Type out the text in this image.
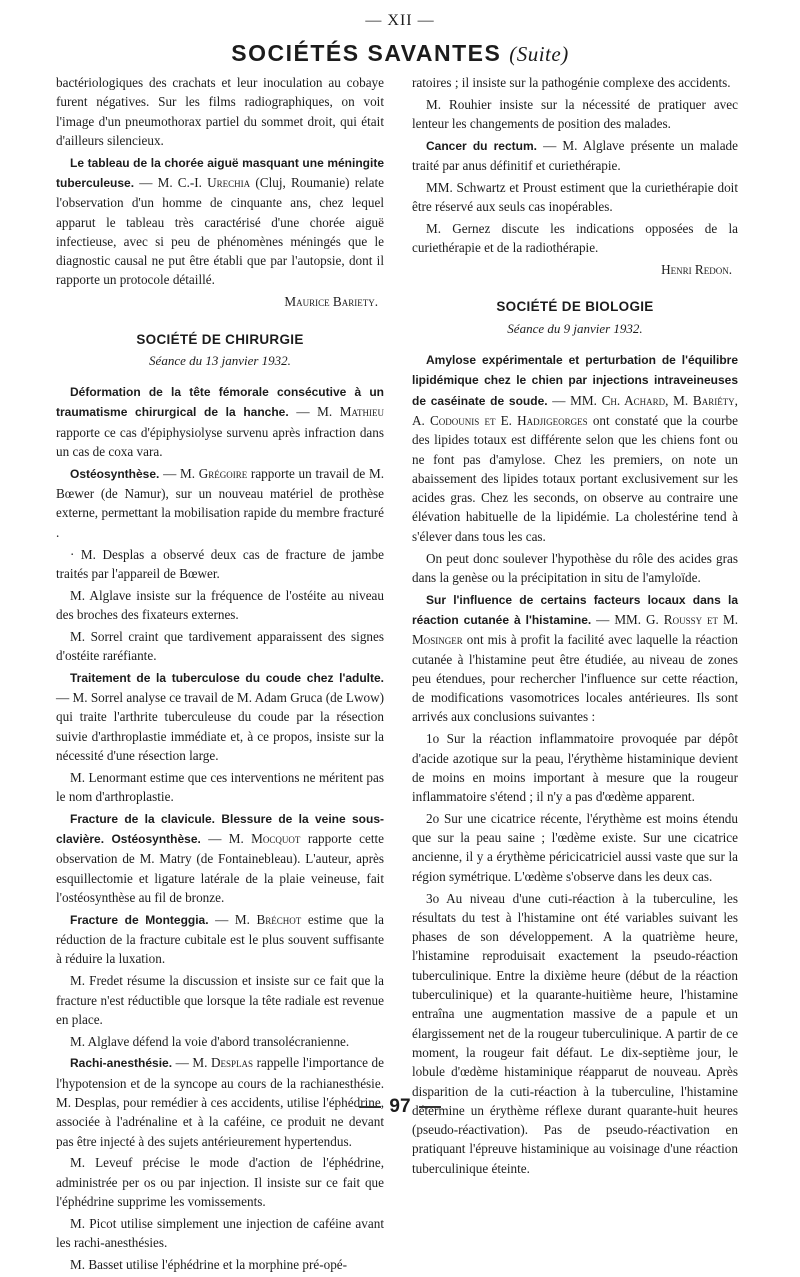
— XII —
SOCIÉTÉS SAVANTES (Suite)

bactériologiques des crachats et leur inoculation au cobaye furent négatives. Sur les films radiographiques, on voit l'image d'un pneumothorax partiel du sommet droit, qui était d'ailleurs silencieux.

Le tableau de la chorée aiguë masquant une méningite tuberculeuse. — M. C.-I. Urechia (Cluj, Roumanie) relate l'observation d'un homme de cinquante ans, chez lequel apparut le tableau très caractérisé d'une chorée aiguë infectieuse, avec si peu de phénomènes méningés que le diagnostic causal ne put être établi que par l'autopsie, dont il rapporte un protocole détaillé.

Maurice Bariety.
SOCIÉTÉ DE CHIRURGIE
Séance du 13 janvier 1932.

Déformation de la tête fémorale consécutive à un traumatisme chirurgical de la hanche. — M. Mathieu rapporte ce cas d'épiphysiolyse survenu après infraction dans un cas de coxa vara.

Ostéosynthèse. — M. Grégoire rapporte un travail de M. Bœwer (de Namur), sur un nouveau matériel de prothèse externe, permettant la mobilisation rapide du membre fracturé .

· M. Desplas a observé deux cas de fracture de jambe traités par l'appareil de Bœwer.

M. Alglave insiste sur la fréquence de l'ostéite au niveau des broches des fixateurs externes.

M. Sorrel craint que tardivement apparaissent des signes d'ostéite raréfiante.

Traitement de la tuberculose du coude chez l'adulte. — M. Sorrel analyse ce travail de M. Adam Gruca (de Lwow) qui traite l'arthrite tuberculeuse du coude par la résection suivie d'arthroplastie immédiate et, à ce propos, insiste sur la nécessité d'une résection large.

M. Lenormant estime que ces interventions ne méritent pas le nom d'arthroplastie.

Fracture de la clavicule. Blessure de la veine sous-clavière. Ostéosynthèse. — M. Mocquot rapporte cette observation de M. Matry (de Fontainebleau). L'auteur, après esquillectomie et ligature latérale de la plaie veineuse, fait l'ostéosynthèse au fil de bronze.

Fracture de Monteggia. — M. Bréchot estime que la réduction de la fracture cubitale est le plus souvent suffisante à réduire la luxation.

M. Fredet résume la discussion et insiste sur ce fait que la fracture n'est réductible que lorsque la tête radiale est revenue en place.

M. Alglave défend la voie d'abord transolécranienne.

Rachi-anesthésie. — M. Desplas rappelle l'importance de l'hypotension et de la syncope au cours de la rachianesthésie. M. Desplas, pour remédier à ces accidents, utilise l'éphédrine, associée à l'adrénaline et à la caféine, ce produit ne devant pas être injecté à des sujets antérieurement hypertendus.

M. Leveuf précise le mode d'action de l'éphédrine, administrée per os ou par injection. Il insiste sur ce fait que l'éphédrine supprime les vomissements.

M. Picot utilise simplement une injection de caféine avant les rachi-anesthésies.

M. Basset utilise l'éphédrine et la morphine pré-opé-

ratoires ; il insiste sur la pathogénie complexe des accidents.

M. Rouhier insiste sur la nécessité de pratiquer avec lenteur les changements de position des malades.

Cancer du rectum. — M. Alglave présente un malade traité par anus définitif et curiethérapie.

MM. Schwartz et Proust estiment que la curiethérapie doit être réservé aux seuls cas inopérables.

M. Gernez discute les indications opposées de la curiethérapie et de la radiothérapie.

Henri Redon.
SOCIÉTÉ DE BIOLOGIE
Séance du 9 janvier 1932.

Amylose expérimentale et perturbation de l'équilibre lipidémique chez le chien par injections intraveineuses de caséinate de soude. — MM. Ch. Achard, M. Bariéty, A. Codounis et E. Hadjigeorges ont constaté que la courbe des lipides totaux est différente selon que les chiens font ou ne font pas d'amylose. Chez les premiers, on note un abaissement des lipides totaux portant exclusivement sur les acides gras. Chez les seconds, on observe au contraire une élévation habituelle de la lipidémie. La cholestérine tend à s'élever dans tous les cas.

On peut donc soulever l'hypothèse du rôle des acides gras dans la genèse ou la précipitation in situ de l'amyloïde.

Sur l'influence de certains facteurs locaux dans la réaction cutanée à l'histamine. — MM. G. Roussy et M. Mosinger ont mis à profit la facilité avec laquelle la réaction cutanée à l'histamine peut être étudiée, au niveau de zones peu étendues, pour rechercher l'influence sur cette réaction, de modifications vasomotrices locales antérieures. Ils sont arrivés aux conclusions suivantes :

1o Sur la réaction inflammatoire provoquée par dépôt d'acide azotique sur la peau, l'érythème histaminique devient de moins en moins important à mesure que la rougeur inflammatoire s'étend ; il n'y a pas d'œdème apparent.

2o Sur une cicatrice récente, l'érythème est moins étendu que sur la peau saine ; l'œdème existe. Sur une cicatrice ancienne, il y a érythème péricicatriciel aussi vaste que sur la région symétrique. L'œdème s'observe dans les deux cas.

3o Au niveau d'une cuti-réaction à la tuberculine, les résultats du test à l'histamine ont été variables suivant les phases de son développement. A la quatrième heure, l'histamine reproduisait exactement la pseudo-réaction tuberculinique. Entre la dixième heure (début de la réaction tuberculinique) et la quarante-huitième heure, l'histamine entraîna une augmentation massive de a papule et un élargissement net de la rougeur tuberculinique. A partir de ce moment, la rougeur fait défaut. Le dix-septième jour, le lobule d'œdème histaminique réapparut de nouveau. Après disparition de la cuti-réaction à la tuberculine, l'histamine détermine un érythème réflexe durant quarante-huit heures (pseudo-réactivation). Pas de pseudo-réactivation en pratiquant l'épreuve histaminique au voisinage d'une réaction tuberculinique éteinte.

97
